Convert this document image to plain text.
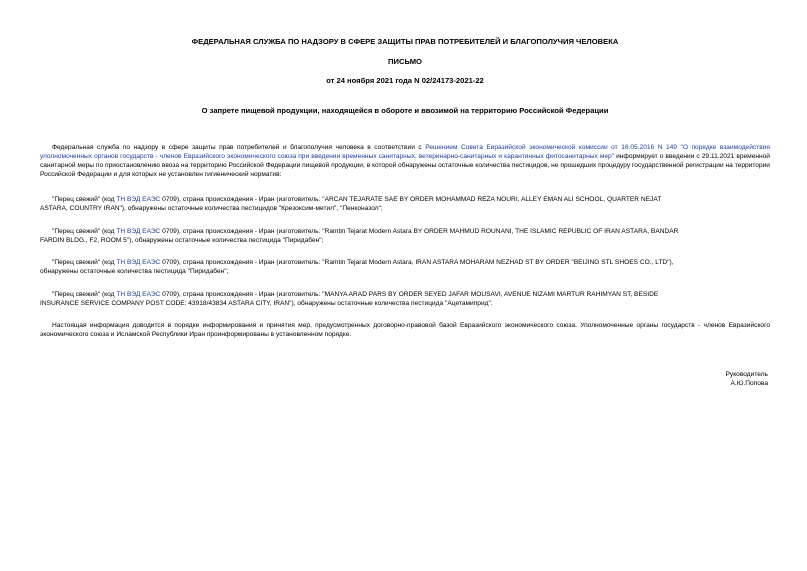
ФЕДЕРАЛЬНАЯ СЛУЖБА ПО НАДЗОРУ В СФЕРЕ ЗАЩИТЫ ПРАВ ПОТРЕБИТЕЛЕЙ И БЛАГОПОЛУЧИЯ ЧЕЛОВЕКА
ПИСЬМО
от 24 ноября 2021 года N 02/24173-2021-22
О запрете пищевой продукции, находящейся в обороте и ввозимой на территорию Российской Федерации
Федеральная служба по надзору в сфере защиты прав потребителей и благополучия человека в соответствии с Решением Совета Евразийской экономической комиссии от 16.05.2016 N 149 "О порядке взаимодействия уполномоченных органов государств - членов Евразийского экономического союза при введении временных санитарных, ветеринарно-санитарных и карантинных фитосанитарных мер" информирует о введении с 29.11.2021 временной санитарной меры по приостановлению ввоза на территорию Российской Федерации пищевой продукции, в которой обнаружены остаточные количества пестицидов, не прошедших процедуру государственной регистрации на территории Российской Федерации и для которых не установлен гигиенический норматив:
"Перец свежий" (код ТН ВЭД ЕАЭС 0709), страна происхождения - Иран (изготовитель: "ARCAN TEJARATE SAE BY ORDER MOHAMMAD REZA NOURI, ALLEY EMAN ALI SCHOOL, QUARTER NEJAT
ASTARA, COUNTRY IRAN"), обнаружены остаточные количества пестицидов "Крезоксим-метил", "Пенконазол";
"Перец свежий" (код ТН ВЭД ЕАЭС 0709), страна происхождения - Иран (изготовитель: "Ramtin Tejarat Modern Astara BY ORDER MAHMUD ROUNANI, THE ISLAMIC REPUBLIC OF IRAN ASTARA, BANDAR
FARDIN BLDG., F2, ROOM 5"), обнаружены остаточные количества пестицида "Пиридабен";
"Перец свежий" (код ТН ВЭД ЕАЭС 0709), страна происхождения - Иран (изготовитель: "Ramtin Tejarat Modern Astara, IRAN ASTARA MOHARAM NEZHAD ST BY ORDER "BEIJING STL SHOES CO., LTD"),
обнаружены остаточные количества пестицида "Пиридабен";
"Перец свежий" (код ТН ВЭД ЕАЭС 0709), страна происхождения - Иран (изготовитель: "MANYA ARAD PARS BY ORDER SEYED JAFAR MOUSAVI, AVENUE NIZAMI MARTUR RAHIMYAN ST, BESIDE
INSURANCE SERVICE COMPANY POST CODE: 43918/43834 ASTARA CITY, IRAN"), обнаружены остаточные количества пестицида "Ацетамиприд".
Настоящая информация доводится в порядке информирования и принятия мер, предусмотренных договорно-правовой базой Евразийского экономического союза. Уполномоченные органы государств - членов Евразийского экономического союза и Исламской Республики Иран проинформированы в установленном порядке.
Руководитель
А.Ю.Попова
